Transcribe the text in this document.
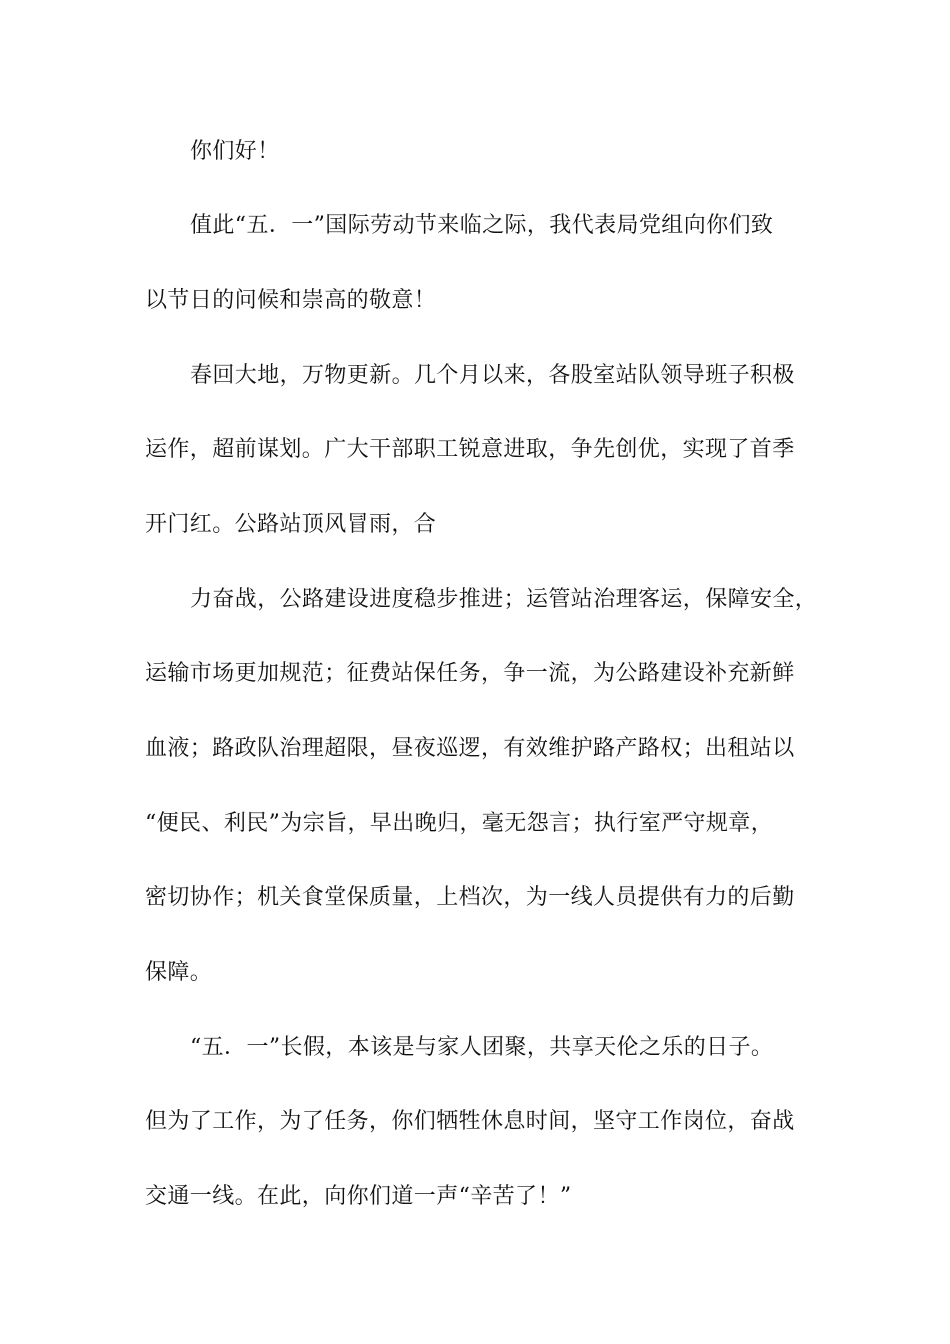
你们好！
值此“五．一”国际劳动节来临之际，我代表局党组向你们致
以节日的问候和崇高的敬意！
春回大地，万物更新。几个月以来，各股室站队领导班子积极
运作，超前谋划。广大干部职工锐意进取，争先创优，实现了首季
开门红。公路站顶风冒雨，合
力奋战，公路建设进度稳步推进；运管站治理客运，保障安全，
运输市场更加规范；征费站保任务，争一流，为公路建设补充新鲜
血液；路政队治理超限，昼夜巡逻，有效维护路产路权；出租站以
“便民、利民”为宗旨，早出晚归，毫无怨言；执行室严守规章，
密切协作；机关食堂保质量，上档次，为一线人员提供有力的后勤
保障。
“五．一”长假，本该是与家人团聚，共享天伦之乐的日子。
但为了工作，为了任务，你们牺牲休息时间，坚守工作岗位，奋战
交通一线。在此，向你们道一声“辛苦了！”
